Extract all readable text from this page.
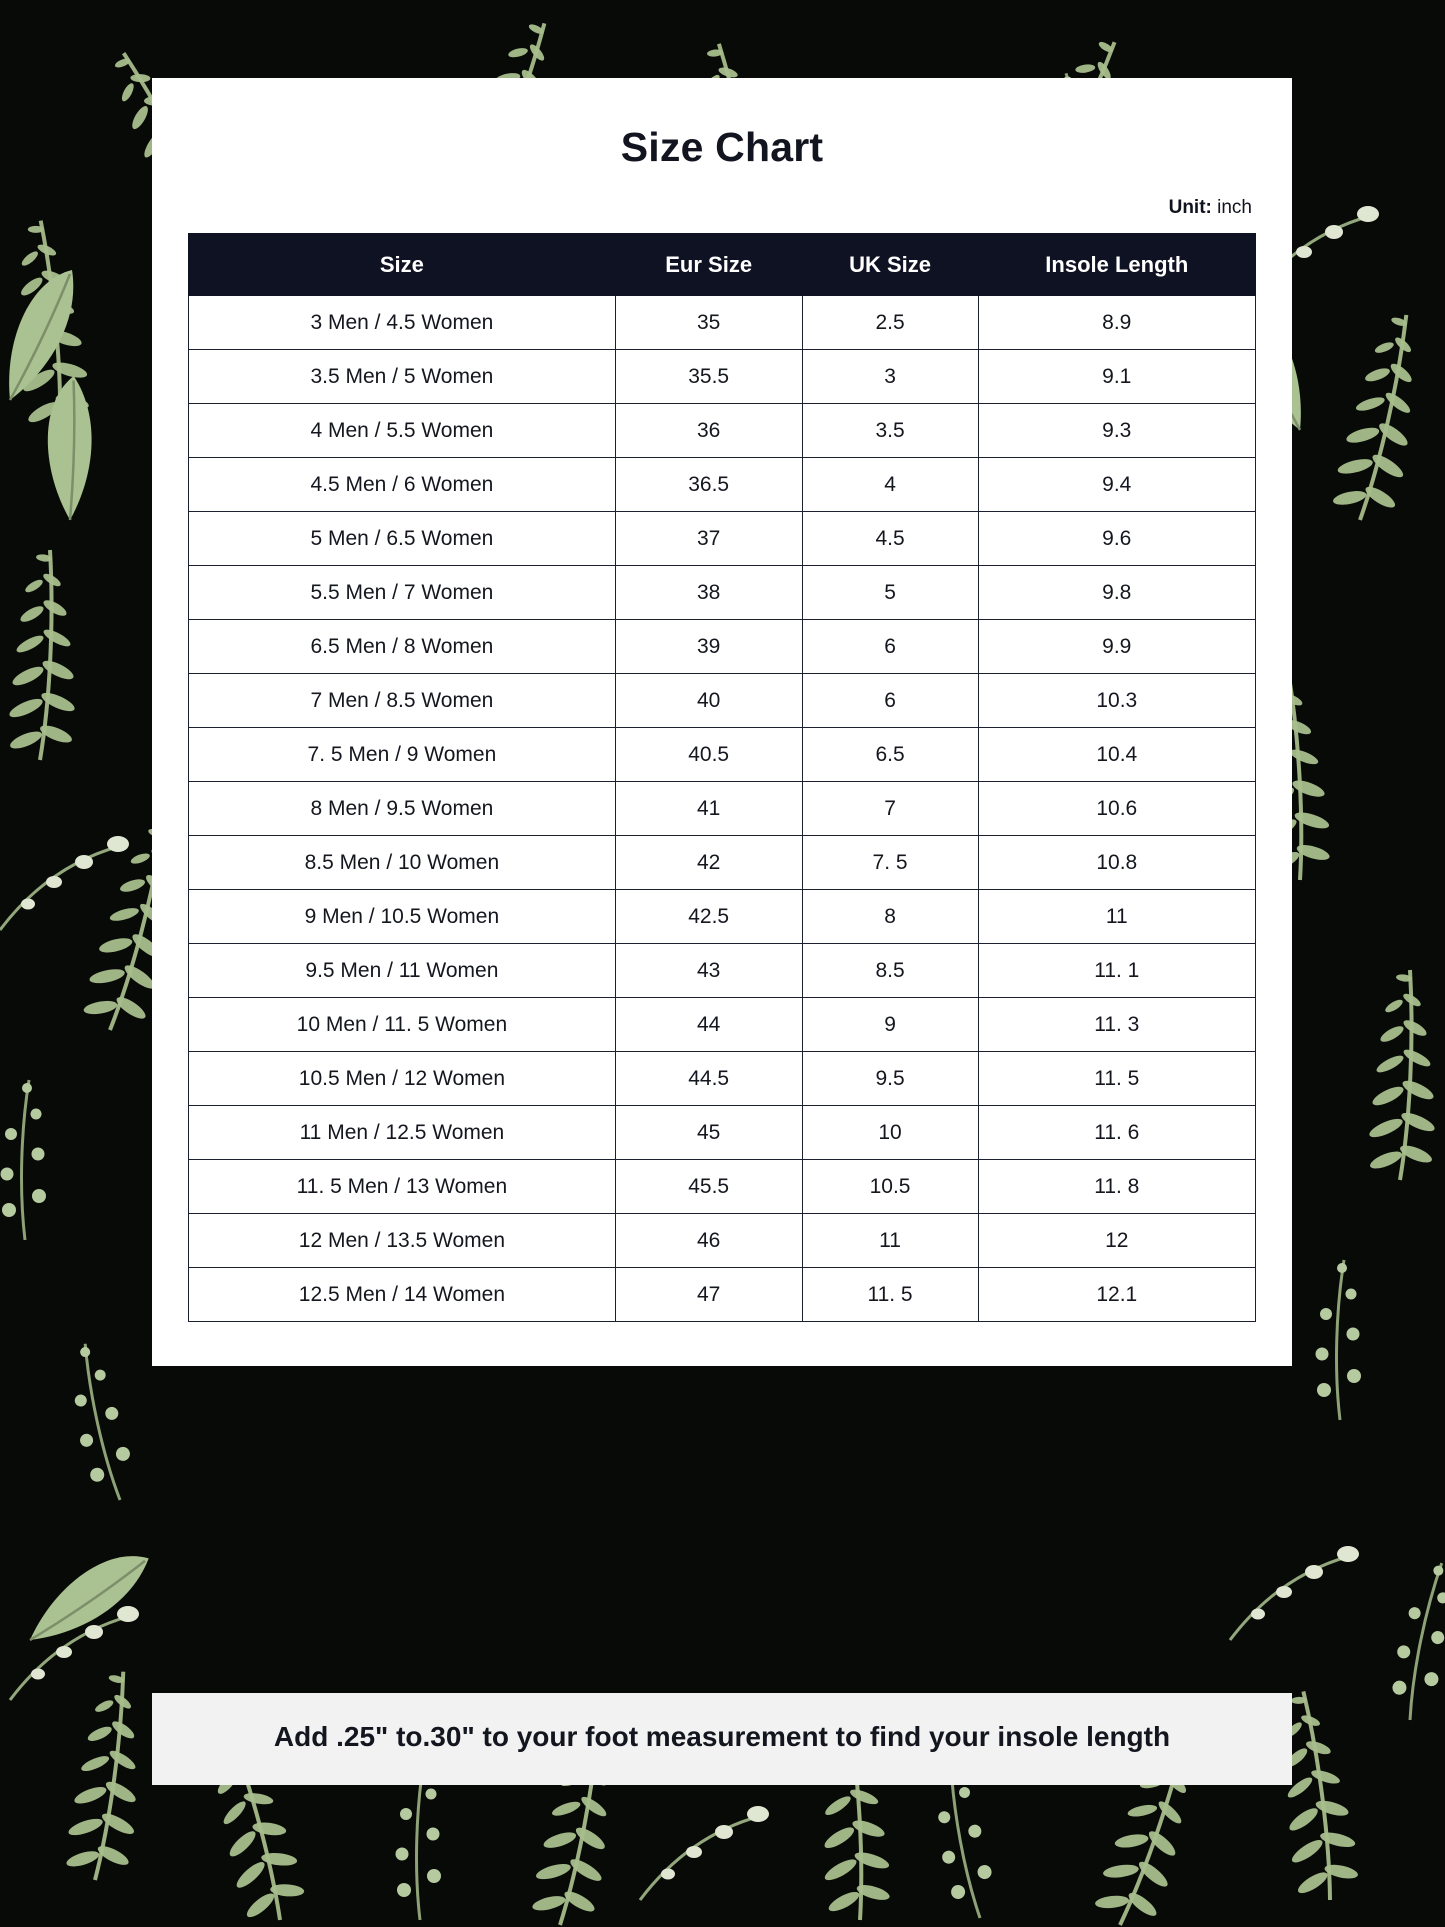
Size Chart
Unit: inch
Size	Eur Size	UK Size	Insole Length
3 Men / 4.5 Women	35	2.5	8.9
3.5 Men / 5 Women	35.5	3	9.1
4 Men / 5.5 Women	36	3.5	9.3
4.5 Men / 6 Women	36.5	4	9.4
5 Men / 6.5 Women	37	4.5	9.6
5.5 Men / 7 Women	38	5	9.8
6.5 Men / 8 Women	39	6	9.9
7 Men / 8.5 Women	40	6	10.3
7. 5 Men / 9 Women	40.5	6.5	10.4
8 Men / 9.5 Women	41	7	10.6
8.5 Men / 10 Women	42	7. 5	10.8
9 Men / 10.5 Women	42.5	8	11
9.5 Men / 11 Women	43	8.5	11. 1
10 Men / 11. 5 Women	44	9	11. 3
10.5 Men / 12 Women	44.5	9.5	11. 5
11 Men / 12.5 Women	45	10	11. 6
11. 5 Men / 13 Women	45.5	10.5	11. 8
12 Men / 13.5 Women	46	11	12
12.5 Men / 14 Women	47	11. 5	12.1
Add .25" to.30" to your foot measurement to find your insole length
